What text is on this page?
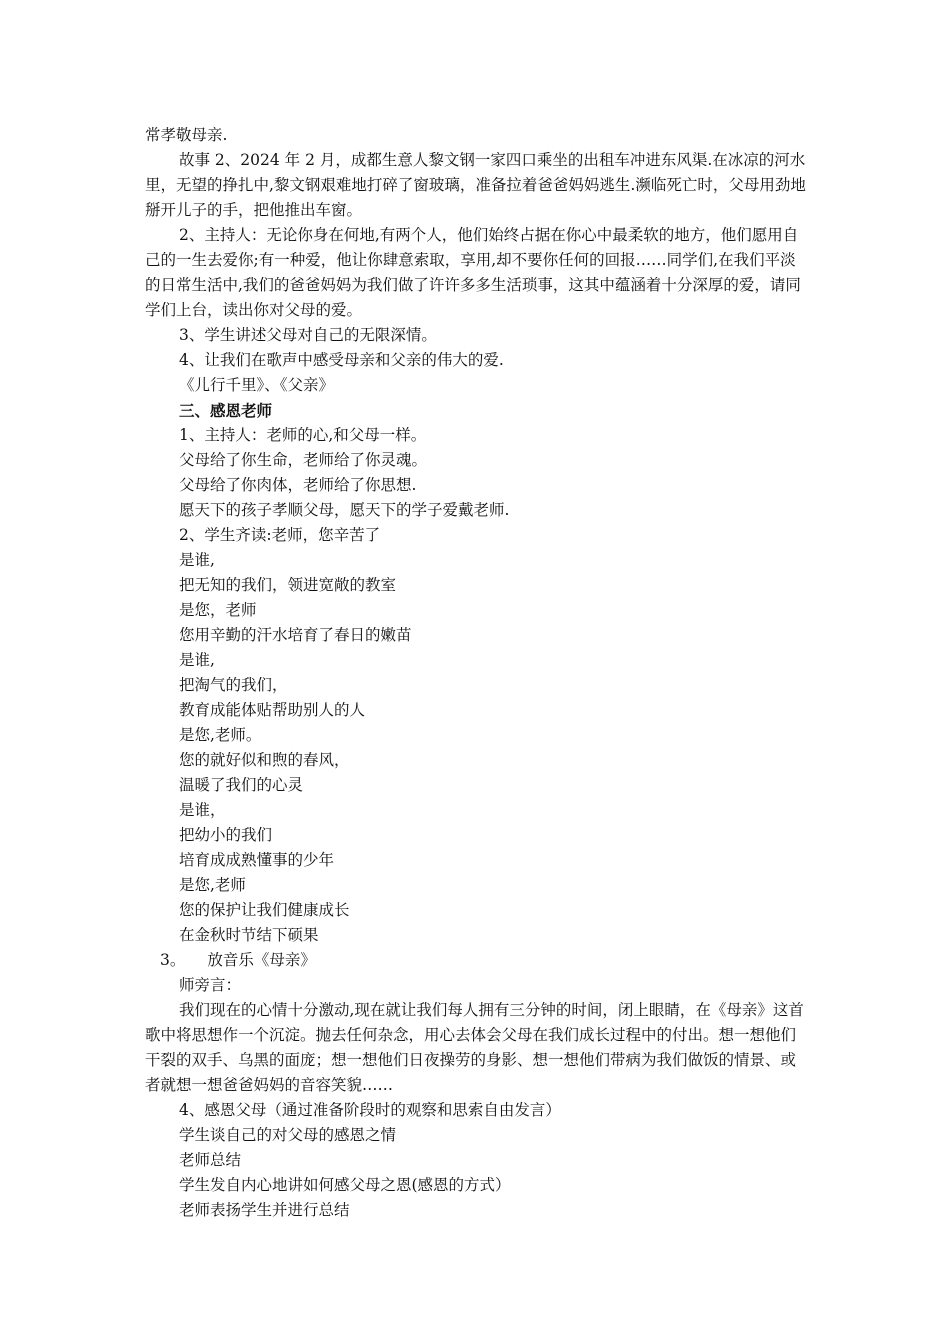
常孝敬母亲.

故事 2、2024 年 2 月，成都生意人黎文钢一家四口乘坐的出租车冲进东风渠.在冰凉的河水里，无望的挣扎中,黎文钢艰难地打碎了窗玻璃，准备拉着爸爸妈妈逃生.濒临死亡时，父母用劲地掰开儿子的手，把他推出车窗。

2、主持人：无论你身在何地,有两个人，他们始终占据在你心中最柔软的地方，他们愿用自己的一生去爱你;有一种爱，他让你肆意索取，享用,却不要你任何的回报……同学们,在我们平淡的日常生活中,我们的爸爸妈妈为我们做了许许多多生活琐事，这其中蕴涵着十分深厚的爱，请同学们上台，读出你对父母的爱。

3、学生讲述父母对自己的无限深情。

4、让我们在歌声中感受母亲和父亲的伟大的爱.

《儿行千里》、《父亲》

三、感恩老师

1、主持人：老师的心,和父母一样。

父母给了你生命，老师给了你灵魂。

父母给了你肉体，老师给了你思想.

愿天下的孩子孝顺父母，愿天下的学子爱戴老师.

2、学生齐读:老师，您辛苦了

是谁,

把无知的我们，领进宽敞的教室

是您，老师

您用辛勤的汗水培育了春日的嫩苗

是谁,

把淘气的我们，

教育成能体贴帮助别人的人

是您,老师。

您的就好似和煦的春风，

温暖了我们的心灵

是谁，

把幼小的我们

培育成成熟懂事的少年

是您,老师

您的保护让我们健康成长

在金秋时节结下硕果

3。 放音乐《母亲》

师旁言：

我们现在的心情十分激动,现在就让我们每人拥有三分钟的时间，闭上眼睛，在《母亲》这首歌中将思想作一个沉淀。抛去任何杂念，用心去体会父母在我们成长过程中的付出。想一想他们干裂的双手、乌黑的面庞；想一想他们日夜操劳的身影、想一想他们带病为我们做饭的情景、或者就想一想爸爸妈妈的音容笑貌……

4、感恩父母（通过准备阶段时的观察和思索自由发言）

学生谈自己的对父母的感恩之情

老师总结

学生发自内心地讲如何感父母之恩(感恩的方式）

老师表扬学生并进行总结
